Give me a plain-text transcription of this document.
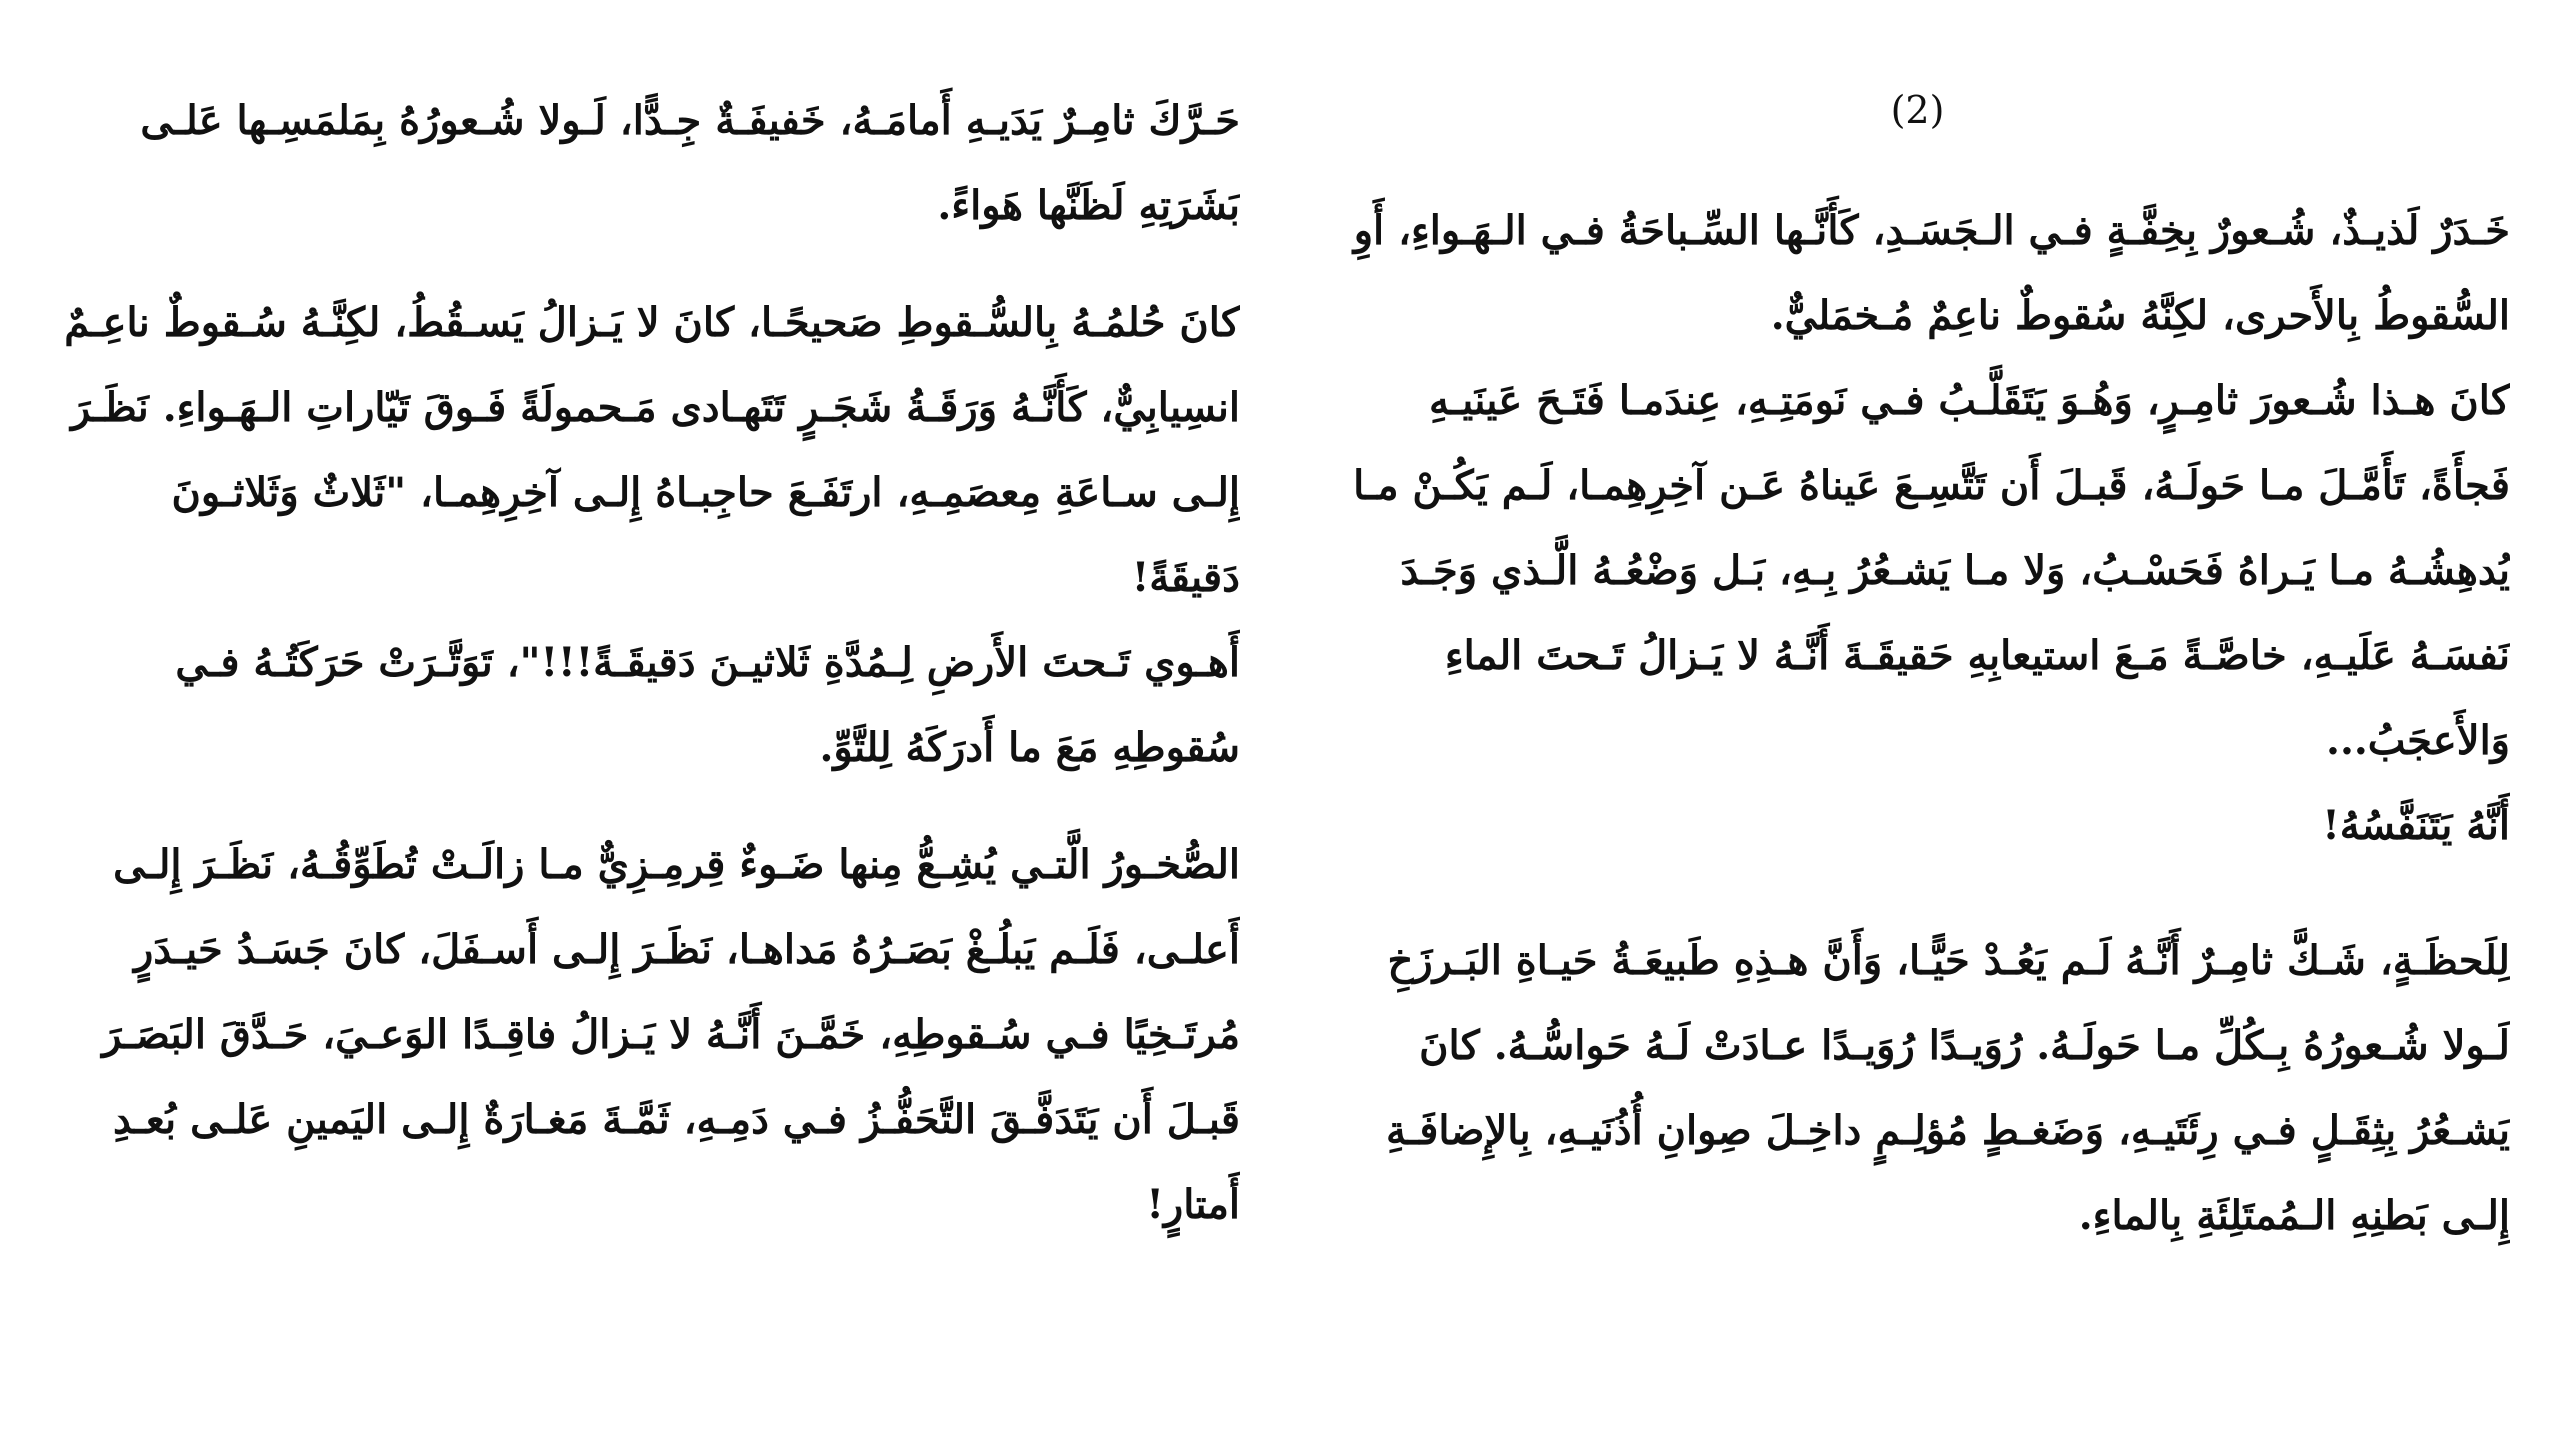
حَـرَّكَ ثامِـرٌ يَدَيـهِ أَمامَـهُ، خَفيفَـةٌ جِـدًّا، لَـولا شُـعورُهُ بِمَلمَسِـها عَلـى
بَشَرَتِهِ لَظَنَّها هَواءً.

كانَ حُلمُـهُ بِالسُّـقوطِ صَحيحًـا، كانَ لا يَـزالُ يَسـقُطُ، لكِنَّـهُ سُـقوطٌ ناعِـمٌ
انسِيابِيٌّ، كَأَنَّـهُ وَرَقَـةُ شَجَـرٍ تَتَهـادى مَـحمولَةً فَـوقَ تَيّاراتِ الـهَـواءِ. نَظَـرَ
إِلـى سـاعَةِ مِعصَمِـهِ، ارتَفَـعَ حاجِبـاهُ إِلـى آخِرِهِمـا، "ثَلاثٌ وَثَلاثـونَ
دَقيقَةً!

أَهـوي تَـحتَ الأَرضِ لِـمُدَّةِ ثَلاثيـنَ دَقيقَـةً!!!"، تَوَتَّـرَتْ حَرَكَتُـهُ فـي
سُقوطِهِ مَعَ ما أَدرَكَهُ لِلتَّوِّ.

الصُّخـورُ الَّتـي يُشِـعُّ مِنها ضَـوءٌ قِرمِـزِيٌّ مـا زالَـتْ تُطَوِّقُـهُ، نَظَـرَ إِلـى
أَعلـى، فَلَـم يَبلُـغْ بَصَـرُهُ مَداهـا، نَظَـرَ إِلـى أَسـفَلَ، كانَ جَسَـدُ حَيـدَرٍ
مُرتَـخِيًا فـي سُـقوطِهِ، خَمَّـنَ أَنَّـهُ لا يَـزالُ فاقِـدًا الوَعـيَ، حَـدَّقَ البَصَـرَ
قَبـلَ أَن يَتَدَفَّـقَ التَّحَفُّـزُ فـي دَمِـهِ، ثَمَّـةَ مَغـارَةٌ إِلـى اليَمينِ عَلـى بُعـدِ
أَمتارٍ!

(2)

خَـدَرٌ لَذيـذٌ، شُـعورٌ بِخِفَّـةٍ فـي الـجَسَـدِ، كَأَنَّـها السِّـباحَةُ فـي الـهَـواءِ، أَوِ
السُّقوطُ بِالأَحرى، لكِنَّهُ سُقوطٌ ناعِمٌ مُـخمَليٌّ.

كانَ هـذا شُـعورَ ثامِـرٍ، وَهُـوَ يَتَقَلَّـبُ فـي نَومَتِـهِ، عِندَمـا فَتَـحَ عَينَيـهِ
فَجأَةً، تَأَمَّـلَ مـا حَولَـهُ، قَبـلَ أَن تَتَّسِـعَ عَيناهُ عَـن آخِرِهِمـا، لَـم يَكُـنْ مـا
يُدهِشُـهُ مـا يَـراهُ فَحَسْـبُ، وَلا مـا يَشـعُرُ بِـهِ، بَـل وَضْعُـهُ الَّـذي وَجَـدَ
نَفسَـهُ عَلَيـهِ، خاصَّـةً مَـعَ استيعابِهِ حَقيقَـةَ أَنَّـهُ لا يَـزالُ تَـحتَ الماءِ
وَالأَعجَبُ...

أَنَّهُ يَتَنَفَّسُهُ!

لِلَحظَـةٍ، شَـكَّ ثامِـرٌ أَنَّـهُ لَـم يَعُـدْ حَيًّـا، وَأَنَّ هـذِهِ طَبيعَـةُ حَيـاةِ البَـرزَخِ
لَـولا شُـعورُهُ بِـكُلِّ مـا حَولَـهُ. رُوَيـدًا رُوَيـدًا عـادَتْ لَـهُ حَواسُّـهُ. كانَ
يَشـعُرُ بِثِقَـلٍ فـي رِئَتَيـهِ، وَضَغـطٍ مُؤلِـمٍ داخِـلَ صِوانِ أُذُنَيـهِ، بِالإِضافَـةِ
إِلـى بَطنِهِ الـمُمتَلِئَةِ بِالماءِ.
